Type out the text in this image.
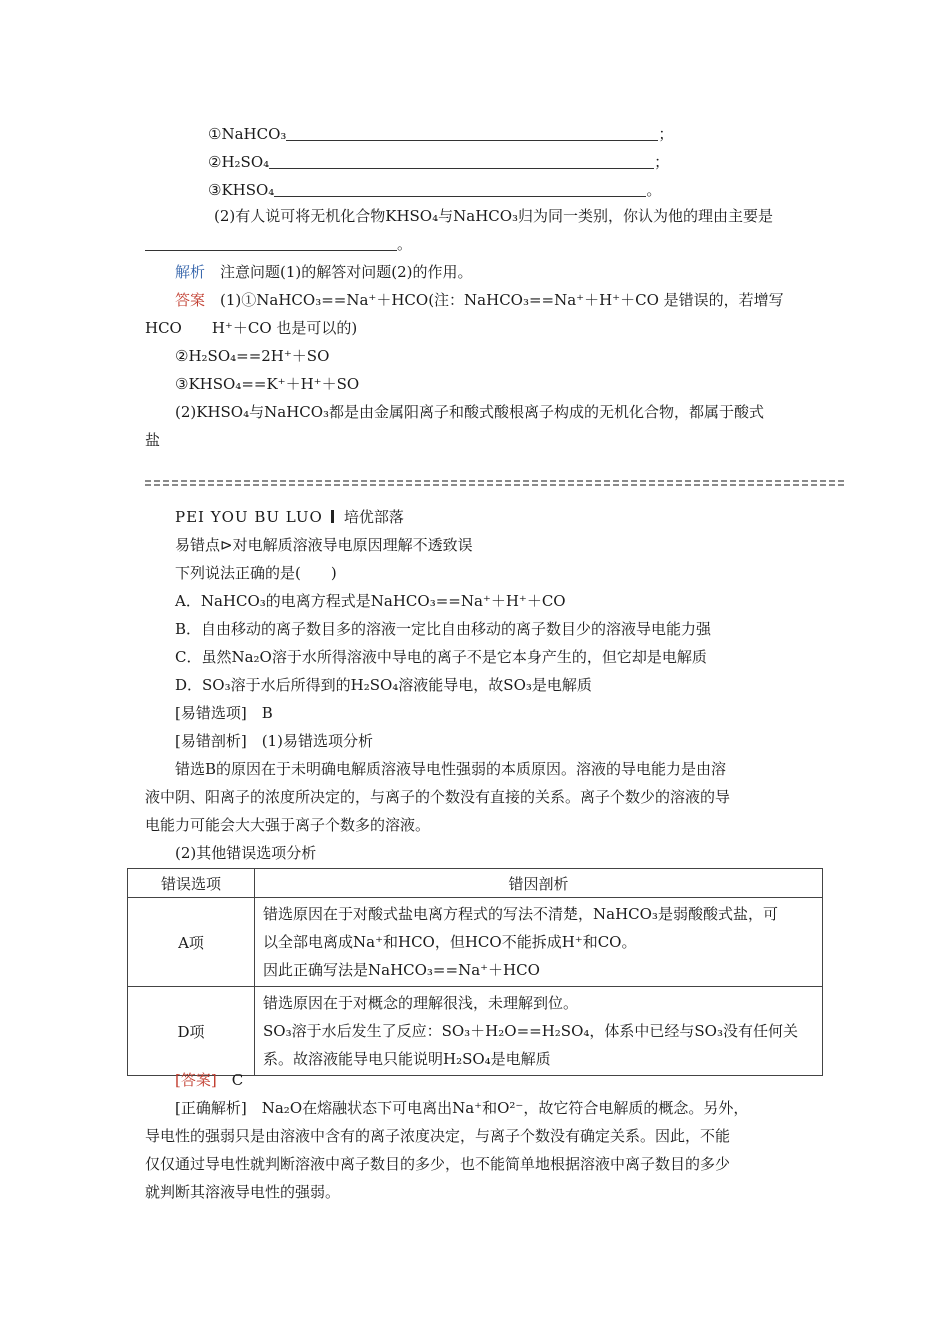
①NaHCO₃	；
②H₂SO₄	；
③KHSO₄	。
(2)有人说可将无机化合物KHSO₄与NaHCO₃归为同一类别，你认为他的理由主要是
。
解析　 注意问题(1)的解答对问题(2)的作用。
答案　 (1)①NaHCO₃==Na⁺＋HCO(注：NaHCO₃==Na⁺＋H⁺＋CO 是错误的，若增写
HCO　　H⁺＋CO 也是可以的)
②H₂SO₄==2H⁺＋SO
③KHSO₄==K⁺＋H⁺＋SO
(2)KHSO₄与NaHCO₃都是由金属阳离子和酸式酸根离子构成的无机化合物，都属于酸式
盐
PEI YOU BU LUO 培优部落
易错点⊳对电解质溶液导电原因理解不透致误
下列说法正确的是(　　)
A．NaHCO₃的电离方程式是NaHCO₃==Na⁺＋H⁺＋CO
B．自由移动的离子数目多的溶液一定比自由移动的离子数目少的溶液导电能力强
C．虽然Na₂O溶于水所得溶液中导电的离子不是它本身产生的，但它却是电解质
D．SO₃溶于水后所得到的H₂SO₄溶液能导电，故SO₃是电解质
[易错选项]　B
[易错剖析]　(1)易错选项分析
错选B的原因在于未明确电解质溶液导电性强弱的本质原因。溶液的导电能力是由溶
液中阴、阳离子的浓度所决定的，与离子的个数没有直接的关系。离子个数少的溶液的导
电能力可能会大大强于离子个数多的溶液。
(2)其他错误选项分析
错误选项	错因剖析
A项	错选原因在于对酸式盐电离方程式的写法不清楚，NaHCO₃是弱酸酸式盐，可
以全部电离成Na⁺和HCO，但HCO不能拆成H⁺和CO。
因此正确写法是NaHCO₃==Na⁺＋HCO

D项	错选原因在于对概念的理解很浅，未理解到位。
SO₃溶于水后发生了反应：SO₃＋H₂O==H₂SO₄，体系中已经与SO₃没有任何关
系。故溶液能导电只能说明H₂SO₄是电解质
[答案]　 C
[正确解析]　 Na₂O在熔融状态下可电离出Na⁺和O²⁻，故它符合电解质的概念。另外，
导电性的强弱只是由溶液中含有的离子浓度决定，与离子个数没有确定关系。因此，不能
仅仅通过导电性就判断溶液中离子数目的多少，也不能简单地根据溶液中离子数目的多少
就判断其溶液导电性的强弱。
